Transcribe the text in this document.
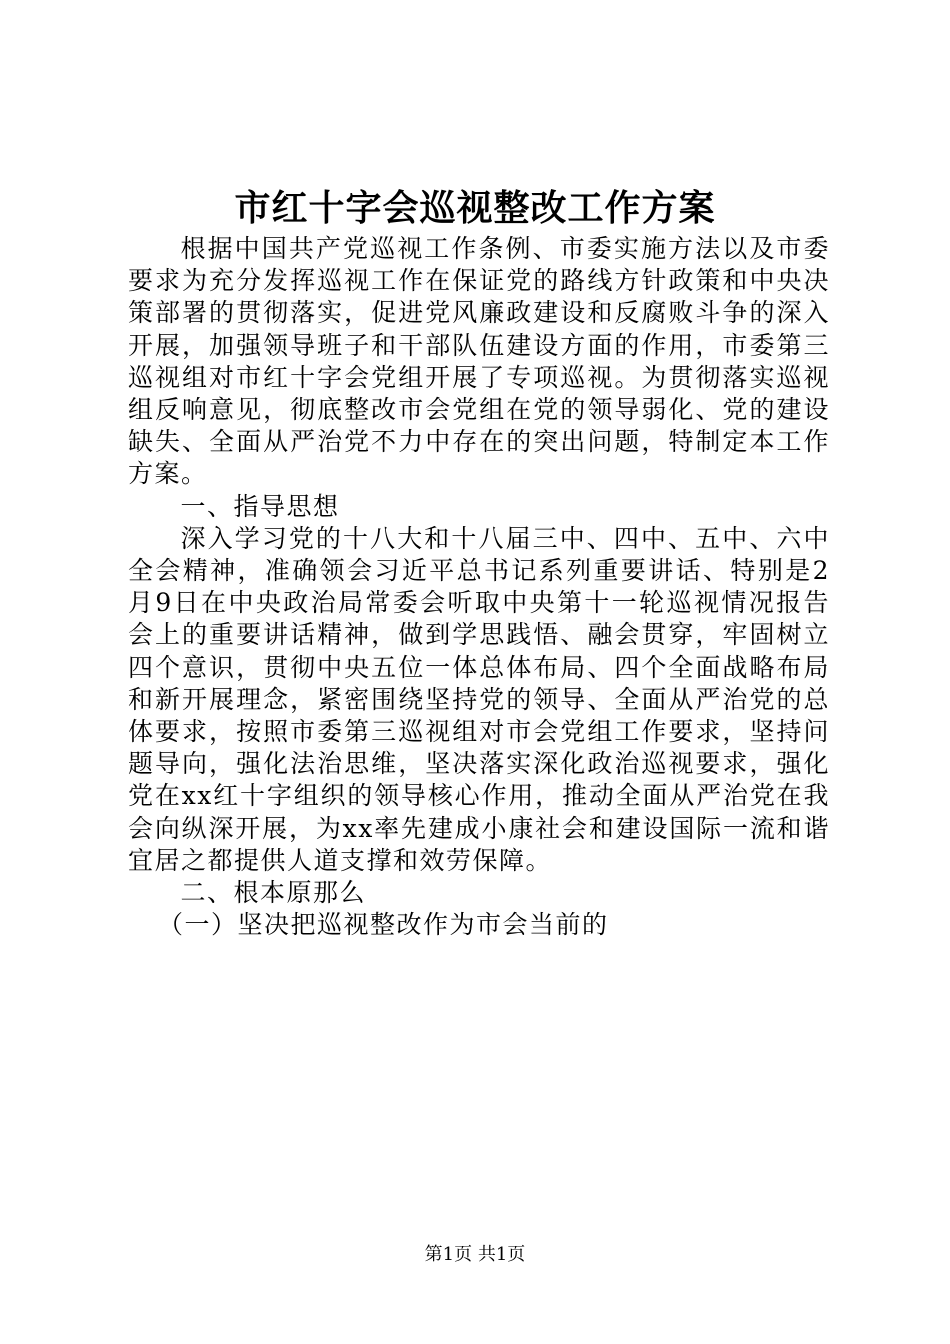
市红十字会巡视整改工作方案

根据中国共产党巡视工作条例、市委实施方法以及市委要求为充分发挥巡视工作在保证党的路线方针政策和中央决策部署的贯彻落实，促进党风廉政建设和反腐败斗争的深入开展，加强领导班子和干部队伍建设方面的作用，市委第三巡视组对市红十字会党组开展了专项巡视。为贯彻落实巡视组反响意见，彻底整改市会党组在党的领导弱化、党的建设缺失、全面从严治党不力中存在的突出问题，特制定本工作方案。

一、指导思想

深入学习党的十八大和十八届三中、四中、五中、六中全会精神，准确领会习近平总书记系列重要讲话、特别是2月9日在中央政治局常委会听取中央第十一轮巡视情况报告会上的重要讲话精神，做到学思践悟、融会贯穿，牢固树立四个意识，贯彻中央五位一体总体布局、四个全面战略布局和新开展理念，紧密围绕坚持党的领导、全面从严治党的总体要求，按照市委第三巡视组对市会党组工作要求，坚持问题导向，强化法治思维，坚决落实深化政治巡视要求，强化党在xx红十字组织的领导核心作用，推动全面从严治党在我会向纵深开展，为xx率先建成小康社会和建设国际一流和谐宜居之都提供人道支撑和效劳保障。

二、根本原那么

（一）坚决把巡视整改作为市会当前的

第1页 共1页
